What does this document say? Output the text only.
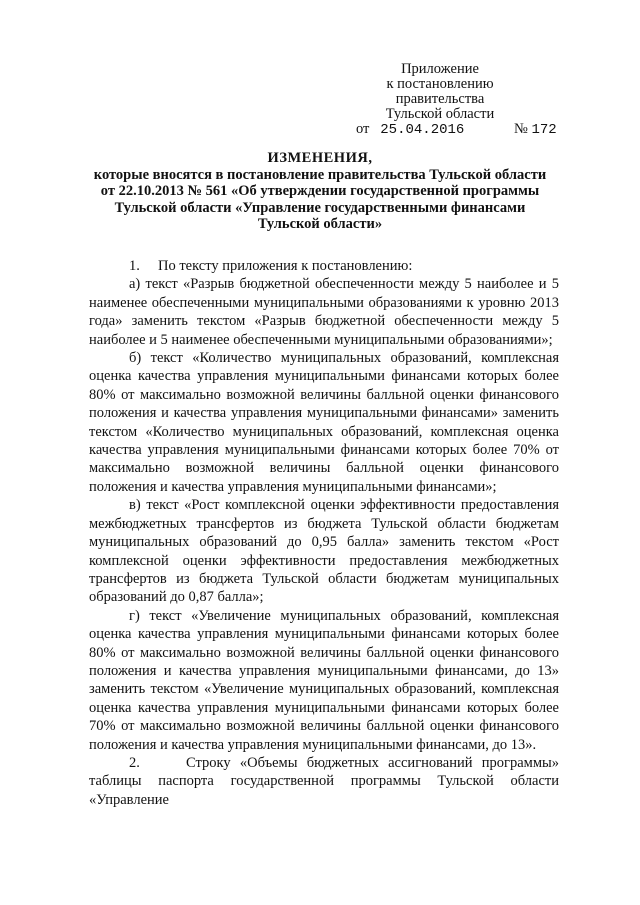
Приложение
к постановлению правительства
Тульской области
от 25.04.2016	№ 172
ИЗМЕНЕНИЯ,
которые вносятся в постановление правительства Тульской области
от 22.10.2013 № 561 «Об утверждении государственной программы
Тульской области «Управление государственными финансами
Тульской области»

1.     По тексту приложения к постановлению:

а) текст «Разрыв бюджетной обеспеченности между 5 наиболее и 5 наименее обеспеченными муниципальными образованиями к уровню 2013 года» заменить текстом «Разрыв бюджетной обеспеченности между 5 наиболее и 5 наименее обеспеченными муниципальными образованиями»;

б) текст «Количество муниципальных образований, комплексная оценка качества управления муниципальными финансами которых более 80% от максимально возможной величины балльной оценки финансового положения и качества управления муниципальными финансами» заменить текстом «Количество муниципальных образований, комплексная оценка качества управления муниципальными финансами которых более 70% от максимально возможной величины балльной оценки финансового положения и качества управления муниципальными финансами»;

в) текст «Рост комплексной оценки эффективности предоставления межбюджетных трансфертов из бюджета Тульской области бюджетам муниципальных образований до 0,95 балла» заменить текстом «Рост комплексной оценки эффективности предоставления межбюджетных трансфертов из бюджета Тульской области бюджетам муниципальных образований до 0,87 балла»;

г) текст «Увеличение муниципальных образований, комплексная оценка качества управления муниципальными финансами которых более 80% от максимально возможной величины балльной оценки финансового положения и качества управления муниципальными финансами, до 13» заменить текстом «Увеличение муниципальных образований, комплексная оценка качества управления муниципальными финансами которых более 70% от максимально возможной величины балльной оценки финансового положения и качества управления муниципальными финансами, до 13».

2.     Строку «Объемы бюджетных ассигнований программы» таблицы паспорта государственной программы Тульской области «Управление
